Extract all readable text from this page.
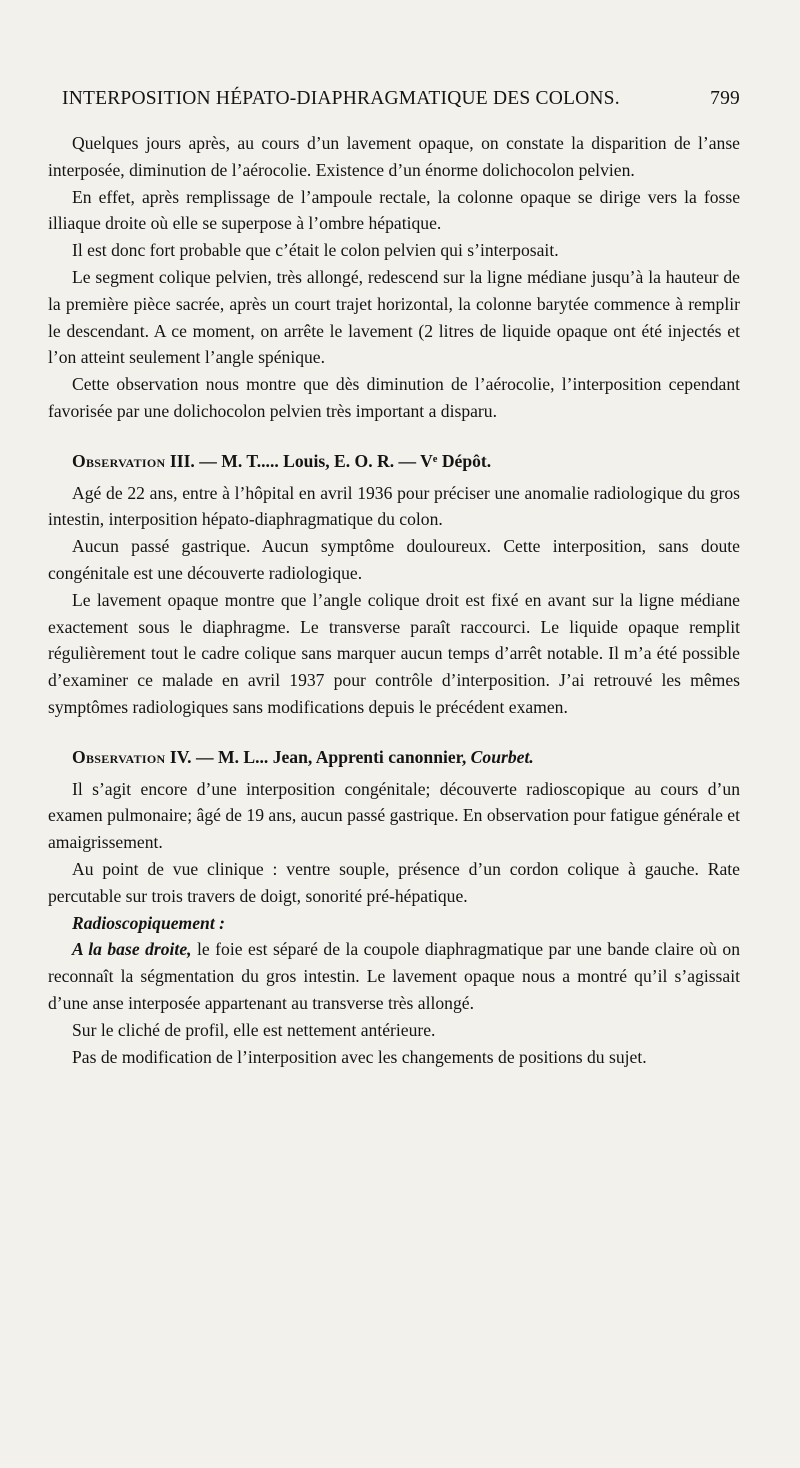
INTERPOSITION HÉPATO-DIAPHRAGMATIQUE DES COLONS.	799

Quelques jours après, au cours d’un lavement opaque, on constate la disparition de l’anse interposée, diminution de l’aérocolie. Existence d’un énorme dolichocolon pelvien.

En effet, après remplissage de l’ampoule rectale, la colonne opaque se dirige vers la fosse illiaque droite où elle se superpose à l’ombre hépatique.

Il est donc fort probable que c’était le colon pelvien qui s’interposait.

Le segment colique pelvien, très allongé, redescend sur la ligne médiane jusqu’à la hauteur de la première pièce sacrée, après un court trajet horizontal, la colonne barytée commence à remplir le descendant. A ce moment, on arrête le lavement (2 litres de liquide opaque ont été injectés et l’on atteint seulement l’angle spénique.

Cette observation nous montre que dès diminution de l’aérocolie, l’interposition cependant favorisée par une dolichocolon pelvien très important a disparu.

Observation III. — M. T..... Louis, E. O. R. — Vᵉ Dépôt.

Agé de 22 ans, entre à l’hôpital en avril 1936 pour préciser une anomalie radiologique du gros intestin, interposition hépato-diaphragmatique du colon.

Aucun passé gastrique. Aucun symptôme douloureux. Cette interposition, sans doute congénitale est une découverte radiologique.

Le lavement opaque montre que l’angle colique droit est fixé en avant sur la ligne médiane exactement sous le diaphragme. Le transverse paraît raccourci. Le liquide opaque remplit régulièrement tout le cadre colique sans marquer aucun temps d’arrêt notable. Il m’a été possible d’examiner ce malade en avril 1937 pour contrôle d’interposition. J’ai retrouvé les mêmes symptômes radiologiques sans modifications depuis le précédent examen.

Observation IV. — M. L... Jean, Apprenti canonnier, Courbet.

Il s’agit encore d’une interposition congénitale; découverte radioscopique au cours d’un examen pulmonaire; âgé de 19 ans, aucun passé gastrique. En observation pour fatigue générale et amaigrissement.

Au point de vue clinique : ventre souple, présence d’un cordon colique à gauche. Rate percutable sur trois travers de doigt, sonorité pré-hépatique.

Radioscopiquement :

A la base droite, le foie est séparé de la coupole diaphragmatique par une bande claire où on reconnaît la ségmentation du gros intestin. Le lavement opaque nous a montré qu’il s’agissait d’une anse interposée appartenant au transverse très allongé.

Sur le cliché de profil, elle est nettement antérieure.

Pas de modification de l’interposition avec les changements de positions du sujet.
